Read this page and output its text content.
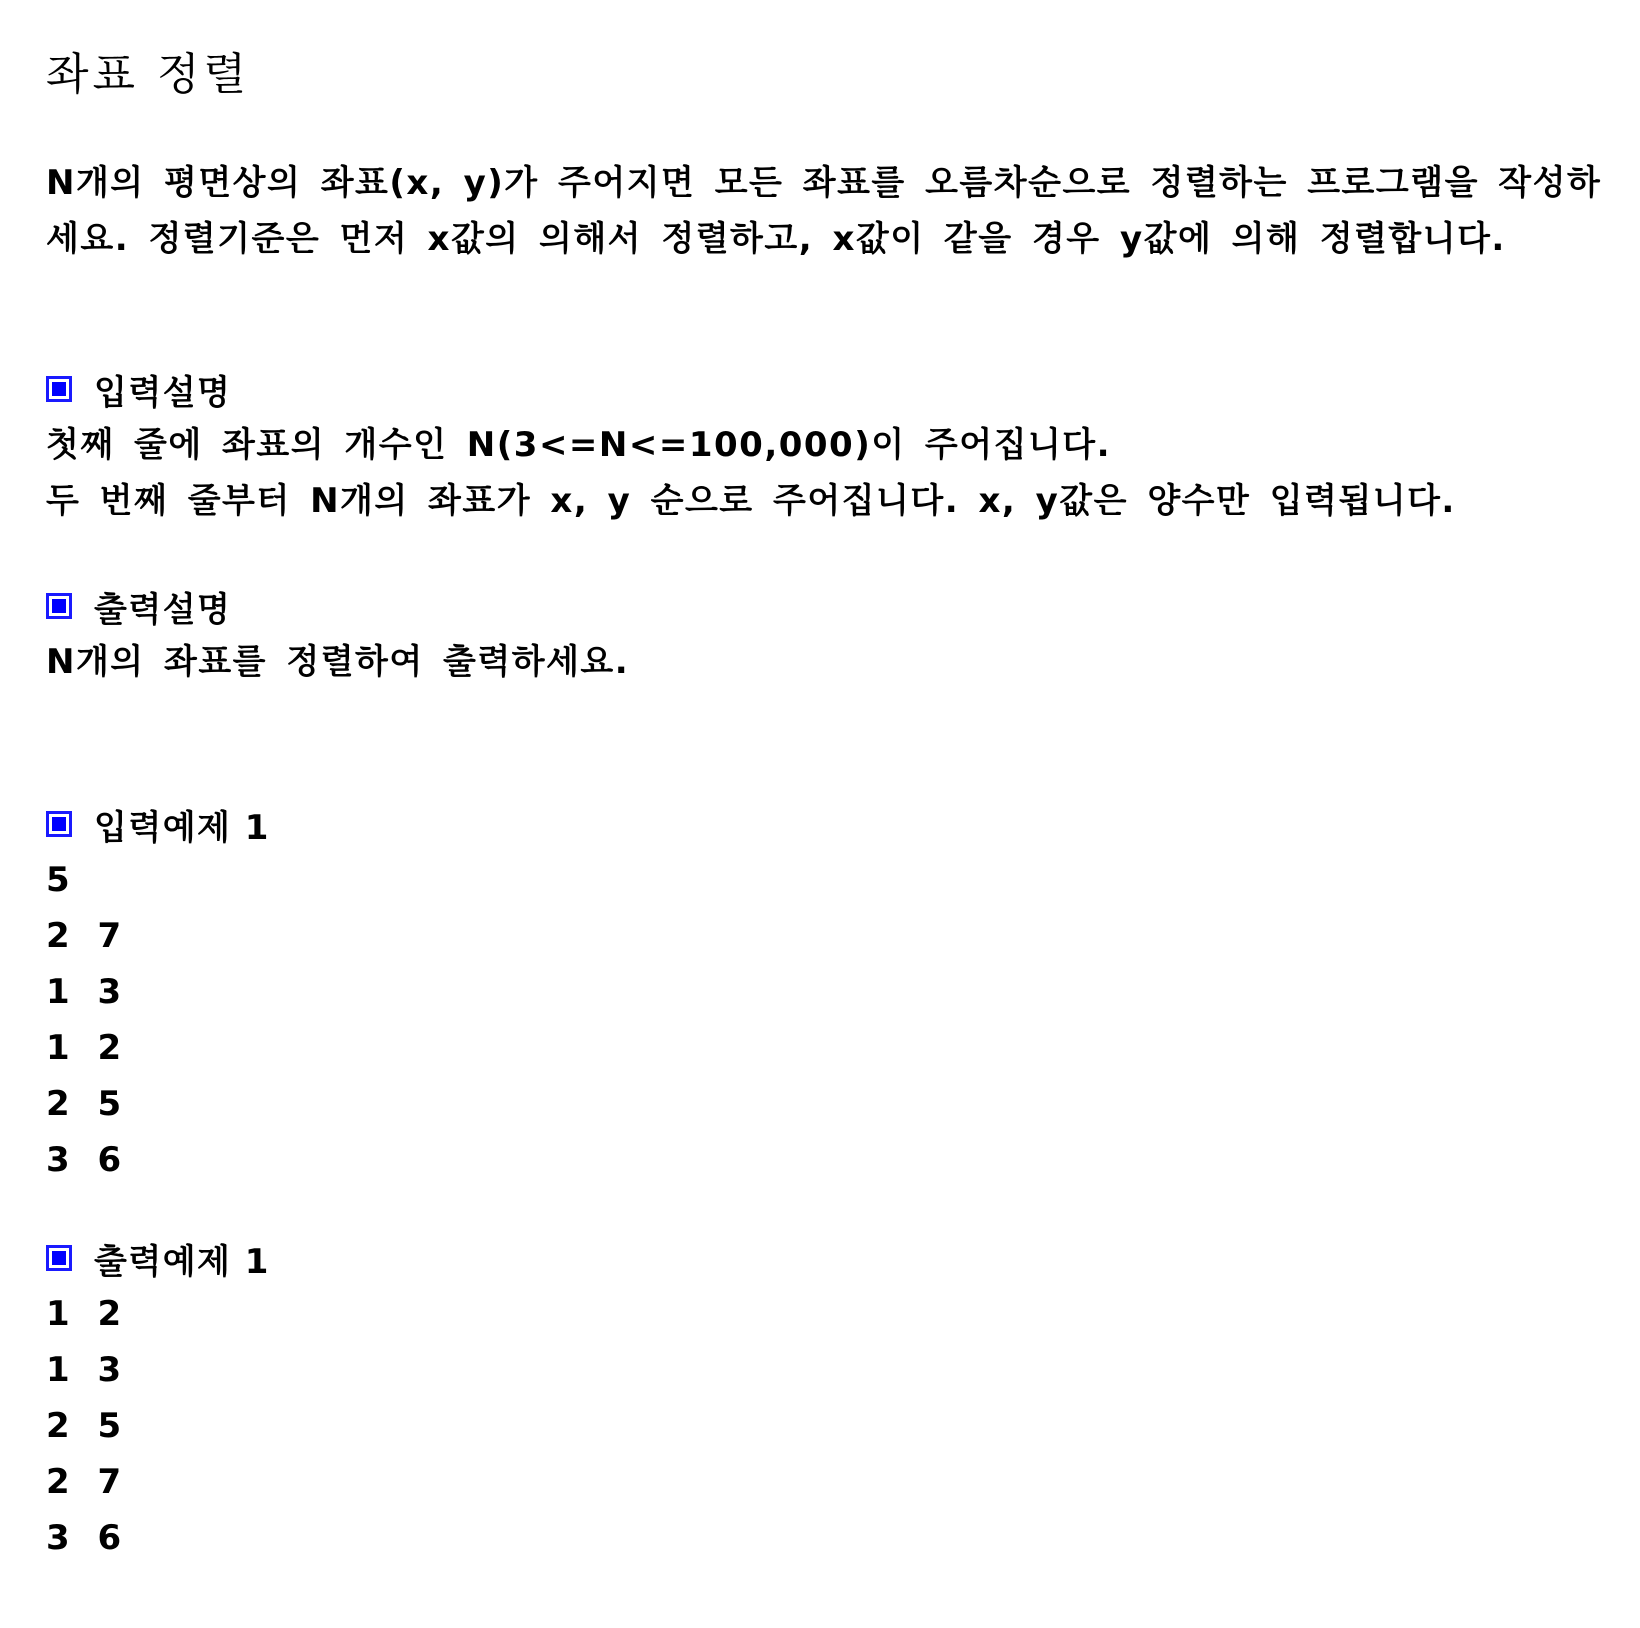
좌표 정렬

N개의 평면상의 좌표(x, y)가 주어지면 모든 좌표를 오름차순으로 정렬하는 프로그램을 작성하

세요. 정렬기준은 먼저 x값의 의해서 정렬하고, x값이 같을 경우 y값에 의해 정렬합니다.

입력설명
첫째 줄에 좌표의 개수인 N(3<=N<=100,000)이 주어집니다.
두 번째 줄부터 N개의 좌표가 x, y 순으로 주어집니다. x, y값은 양수만 입력됩니다.
출력설명
N개의 좌표를 정렬하여 출력하세요.
입력예제 1
5
2 7
1 3
1 2
2 5
3 6
출력예제 1
1 2
1 3
2 5
2 7
3 6
